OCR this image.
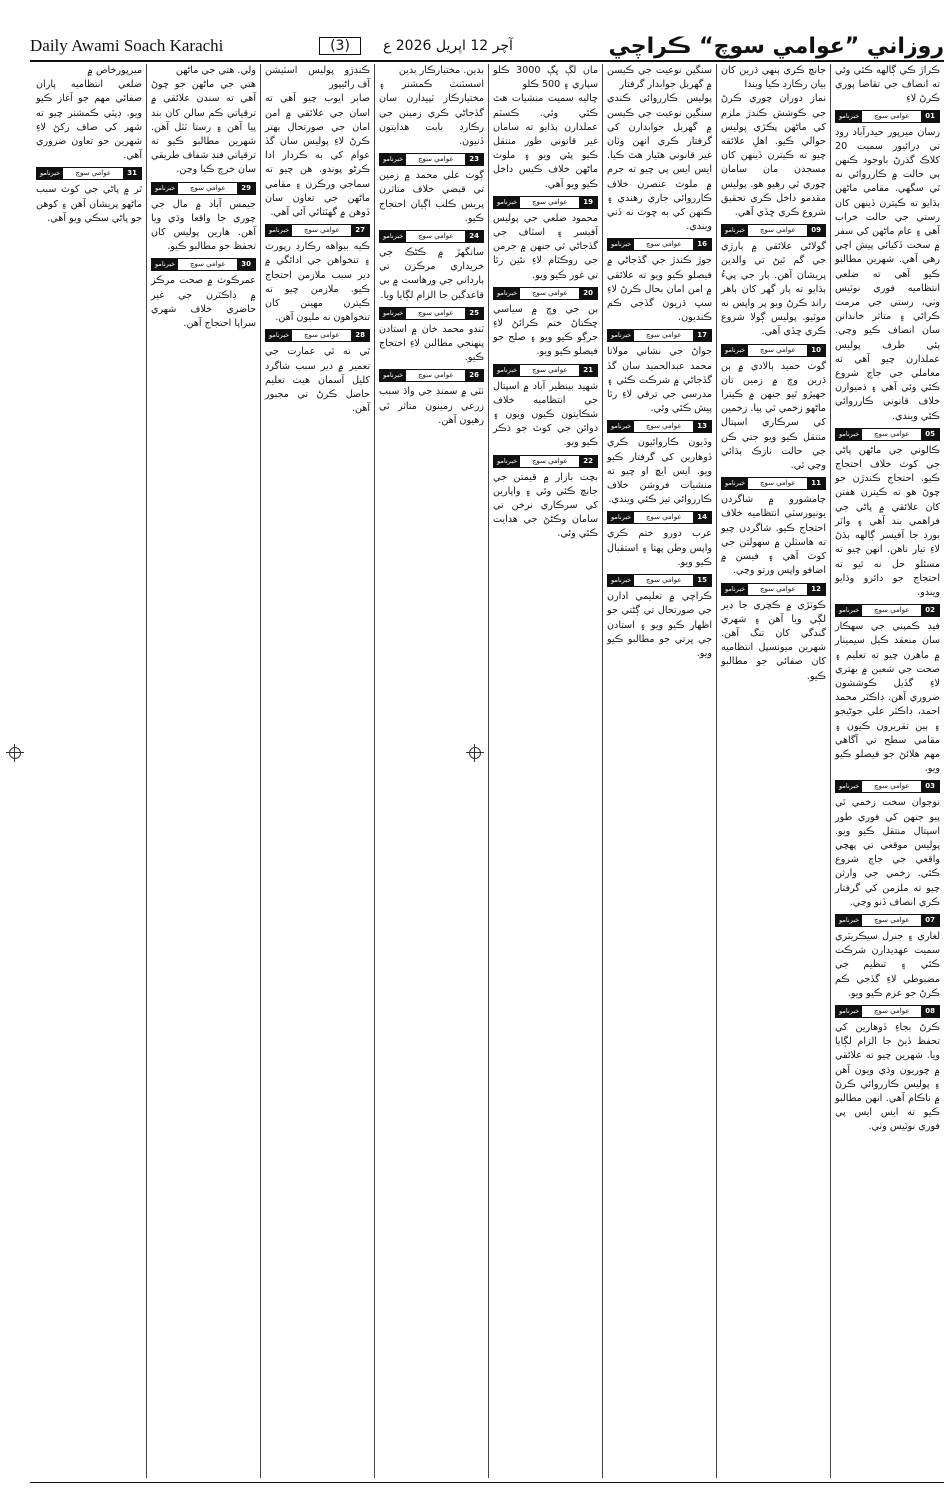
Daily Awami Soach Karachi	(3)	آچر 12 اپريل 2026 ع	روزاني ”عوامي سوچ“ ڪراچي

ڪراڙ ڪي ڳالهه ڪئي وئي ته انصاف جي تقاضا پوري ڪرڻ لاءِ

خبرنامو	عوامي سوچ	01

رسان ميرپور حيدرآباد روڊ تي ڊرائيور سميت 20 کلاڪ گذرڻ باوجود ڪنهن ٻي حالت ۾ ڪارروائي نه ٿي سگهي. مقامي ماڻهن ٻڌايو ته ڪيترن ڏينهن کان رستي جي حالت خراب آهي ۽ عام ماڻهن کي سفر ۾ سخت ڏکيائي پيش اچي رهي آهي. شهرين مطالبو ڪيو آهي ته ضلعي انتظاميه فوري نوٽيس وٺي، رستي جي مرمت ڪرائي ۽ متاثر خاندانن سان انصاف ڪيو وڃي. ٻئي طرف پوليس عملدارن چيو آهي ته معاملي جي جاچ شروع ڪئي وئي آهي ۽ ذميوارن خلاف قانوني ڪارروائي ڪئي ويندي.

خبرنامو	عوامي سوچ	05

ڪالوني جي ماڻهن پاڻي جي کوٽ خلاف احتجاج ڪيو. احتجاج ڪندڙن جو چوڻ هو ته ڪيترن هفتن کان علائقي ۾ پاڻي جي فراهمي بند آهي ۽ واٽر بورڊ جا آفيسر ڳالهه ٻڌڻ لاءِ تيار ناهن. انهن چيو ته مسئلو حل نه ٿيو ته احتجاج جو دائرو وڌايو ويندو.

خبرنامو	عوامي سوچ	02

فيڊ ڪمپني جي سهڪار سان منعقد ڪيل سيمينار ۾ ماهرن چيو ته تعليم ۽ صحت جي شعبن ۾ بهتري لاءِ گڏيل ڪوششون ضروري آهن. ڊاڪٽر محمد احمد، ڊاڪٽر علي جوڻيجو ۽ ٻين تقريرون ڪيون ۽ مقامي سطح تي آگاهي مهم هلائڻ جو فيصلو ڪيو ويو.

خبرنامو	عوامي سوچ	03

نوجوان سخت زخمي ٿي پيو جنهن کي فوري طور اسپتال منتقل ڪيو ويو. پوليس موقعي تي پهچي واقعي جي جاچ شروع ڪئي. زخمي جي وارثن چيو ته ملزمن کي گرفتار ڪري انصاف ڏنو وڃي.

خبرنامو	عوامي سوچ	07

لغاري ۽ جنرل سيڪريٽري سميت عهديدارن شرڪت ڪئي ۽ تنظيم جي مضبوطي لاءِ گڏجي ڪم ڪرڻ جو عزم ڪيو ويو.

خبرنامو	عوامي سوچ	08

ڪرڻ بجاءِ ڏوهارين کي تحفظ ڏيڻ جا الزام لڳايا ويا. شهرين چيو ته علائقي ۾ چوريون وڌي ويون آهن ۽ پوليس ڪارروائي ڪرڻ ۾ ناڪام آهي. انهن مطالبو ڪيو ته ايس ايس پي فوري نوٽيس وٺي.

جانچ ڪري ٻنهي ڌرين کان بيان رڪارڊ ڪيا ويندا

نماز دوران چوري ڪرڻ جي ڪوشش ڪندڙ ملزم کي ماڻهن پڪڙي پوليس حوالي ڪيو. اهلِ علائقه چيو ته ڪيترن ڏينهن کان مسجدن مان سامان چوري ٿي رهيو هو. پوليس مقدمو داخل ڪري تحقيق شروع ڪري ڇڏي آهي.

خبرنامو	عوامي سوچ	09

گولاڻي علائقي ۾ ٻارڙي جي گم ٿيڻ تي والدين پريشان آهن. ٻار جي پيءُ ٻڌايو ته ٻار گهر کان ٻاهر راند ڪرڻ ويو پر واپس نه موٽيو. پوليس ڳولا شروع ڪري ڇڏي آهي.

خبرنامو	عوامي سوچ	10

گوٺ حميد ٻالادي ۾ ٻن ڌرين وچ ۾ زمين تان جهيڙو ٿيو جنهن ۾ ڪيترا ماڻهو زخمي ٿي پيا. زخمين کي سرڪاري اسپتال منتقل ڪيو ويو جتي ڪن جي حالت نازڪ ٻڌائي وڃي ٿي.

خبرنامو	عوامي سوچ	11

ڄامشورو ۾ شاگردن يونيورسٽي انتظاميه خلاف احتجاج ڪيو. شاگردن چيو ته هاسٽلن ۾ سهولتن جي کوٽ آهي ۽ فيسن ۾ اضافو واپس ورتو وڃي.

خبرنامو	عوامي سوچ	12

ڪوٽڙي ۾ ڪچري جا ڍير لڳي ويا آهن ۽ شهري گندگي کان تنگ آهن. شهرين ميونسپل انتظاميه کان صفائي جو مطالبو ڪيو.

سنگين نوعيت جي ڪيسن ۾ گهربل جوابدار گرفتار

پوليس ڪارروائي ڪندي سنگين نوعيت جي ڪيسن ۾ گهربل جوابدارن کي گرفتار ڪري انهن وٽان غير قانوني هٿيار هٿ ڪيا. ايس ايس پي چيو ته جرم ۾ ملوث عنصرن خلاف ڪارروائي جاري رهندي ۽ ڪنهن کي به ڇوٽ نه ڏني ويندي.

خبرنامو	عوامي سوچ	16

جوڙ ڪندڙ جي گڏجاڻي ۾ فيصلو ڪيو ويو ته علائقي ۾ امن امان بحال ڪرڻ لاءِ سڀ ڌريون گڏجي ڪم ڪنديون.

خبرنامو	عوامي سوچ	17

جواڻ جي نشاني مولانا محمد عبدالحميد سان گڏ گڏجاڻي ۾ شرڪت ڪئي ۽ مدرسي جي ترقي لاءِ رٿا پيش ڪئي وئي.

خبرنامو	عوامي سوچ	13

وڏيون ڪاروائيون ڪري ڏوهارين کي گرفتار ڪيو ويو. ايس ايڇ او چيو ته منشيات فروشن خلاف ڪارروائي تيز ڪئي ويندي.

خبرنامو	عوامي سوچ	14

عرب دورو ختم ڪري واپس وطن پهتا ۽ استقبال ڪيو ويو.

خبرنامو	عوامي سوچ	15

ڪراچي ۾ تعليمي ادارن جي صورتحال تي ڳڻتي جو اظهار ڪيو ويو ۽ استادن جي ڀرتي جو مطالبو ڪيو ويو.

مان لڳ ڀڳ 3000 ڪلو سپاري ۽ 500 ڪلو

ڇاليه سميت منشيات هٿ ڪئي وئي. ڪسٽم عملدارن ٻڌايو ته سامان غير قانوني طور منتقل ڪيو پئي ويو ۽ ملوث ماڻهن خلاف ڪيس داخل ڪيو ويو آهي.

خبرنامو	عوامي سوچ	19

محمود ضلعي جي پوليس آفيسر ۽ اسٽاف جي گڏجاڻي ٿي جنهن ۾ جرمن جي روڪٿام لاءِ نئين رٿا تي غور ڪيو ويو.

خبرنامو	عوامي سوچ	20

ٻن جي وچ ۾ سياسي ڇڪتاڻ ختم ڪرائڻ لاءِ جرڳو ڪيو ويو ۽ صلح جو فيصلو ڪيو ويو.

خبرنامو	عوامي سوچ	21

شهيد بينظير آباد ۾ اسپتال جي انتظاميه خلاف شڪايتون ڪيون ويون ۽ دوائن جي کوٽ جو ذڪر ڪيو ويو.

خبرنامو	عوامي سوچ	22

بچت بازار ۾ قيمتن جي جانچ ڪئي وئي ۽ واپارين کي سرڪاري نرخن تي سامان وڪڻڻ جي هدايت ڪئي وئي.

بدين. مختيارڪار بدين

اسسٽنٽ ڪمشنر ۽ مختيارڪار ٽپيدارن سان گڏجاڻي ڪري زمينن جي رڪارڊ بابت هدايتون ڏنيون.

خبرنامو	عوامي سوچ	23

ڳوٺ علي محمد ۾ زمين تي قبضي خلاف متاثرن پريس ڪلب اڳيان احتجاج ڪيو.

خبرنامو	عوامي سوچ	24

سانگهڙ ۾ ڪڻڪ جي خريداري مرڪزن تي ٻارداني جي ورهاست ۾ بي قاعدگين جا الزام لڳايا ويا.

خبرنامو	عوامي سوچ	25

ٽنڊو محمد خان ۾ استادن پنهنجي مطالبن لاءِ احتجاج ڪيو.

خبرنامو	عوامي سوچ	26

ٺٽي ۾ سمنڊ جي واڌ سبب زرعي زمينون متاثر ٿي رهيون آهن.

ڪنڊڙو پوليس اسٽيشن آف راڻيپور

صابر ايوب چيو آهي ته اسان جي علائقي ۾ امن امان جي صورتحال بهتر ڪرڻ لاءِ پوليس سان گڏ عوام کي به ڪردار ادا ڪرڻو پوندو. هن چيو ته سماجي ورڪرن ۽ مقامي ماڻهن جي تعاون سان ڏوهن ۾ گهٽتائي آئي آهي.

خبرنامو	عوامي سوچ	27

ڪيه بيواهه رڪارڊ رپورٽ ۽ تنخواهن جي ادائگي ۾ دير سبب ملازمن احتجاج ڪيو. ملازمن چيو ته ڪيترن مهينن کان تنخواهون نه مليون آهن.

خبرنامو	عوامي سوچ	28

ٿي نه ٿي عمارت جي تعمير ۾ دير سبب شاگرد کليل آسمان هيٺ تعليم حاصل ڪرڻ تي مجبور آهن.

ولي. هتي جي ماڻهن

هتي جي ماڻهن جو چوڻ آهي ته سندن علائقي ۾ ترقياتي ڪم سالن کان بند پيا آهن ۽ رستا ٽٽل آهن. شهرين مطالبو ڪيو ته ترقياتي فنڊ شفاف طريقي سان خرچ ڪيا وڃن.

خبرنامو	عوامي سوچ	29

جيمس آباد ۾ مال جي چوري جا واقعا وڌي ويا آهن. هارين پوليس کان تحفظ جو مطالبو ڪيو.

خبرنامو	عوامي سوچ	30

عمرڪوٽ ۾ صحت مرڪز ۾ ڊاڪٽرن جي غير حاضري خلاف شهري سراپا احتجاج آهن.

ميرپورخاص ۾

ضلعي انتظاميه پاران صفائي مهم جو آغاز ڪيو ويو. ڊپٽي ڪمشنر چيو ته شهر کي صاف رکڻ لاءِ شهرين جو تعاون ضروري آهي.

خبرنامو	عوامي سوچ	31

ٿر ۾ پاڻي جي کوٽ سبب ماڻهو پريشان آهن ۽ کوهن جو پاڻي سڪي ويو آهي.
